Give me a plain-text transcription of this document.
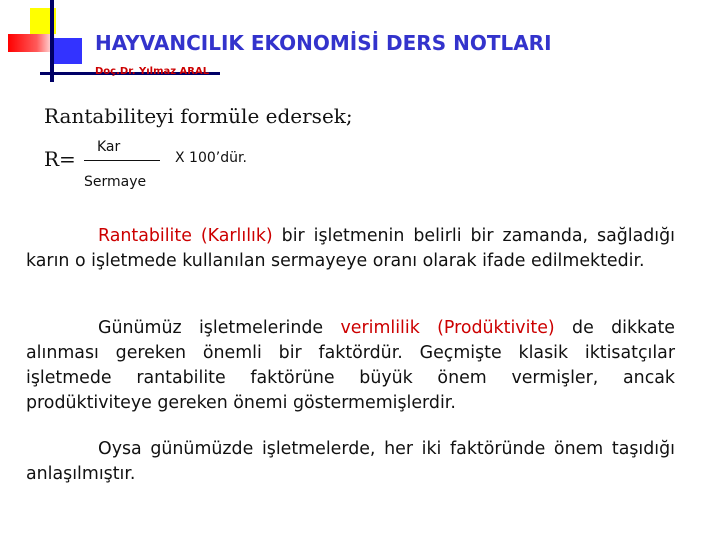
HAYVANCILIK EKONOMİSİ DERS NOTLARI
Doç.Dr. Yılmaz ARAL
Rantabiliteyi formüle edersek;
R= Kar
Sermaye
X 100’dür.
Rantabilite (Karlılık) bir işletmenin belirli bir zamanda, sağladığı karın o işletmede kullanılan sermayeye oranı olarak ifade edilmektedir.
Günümüz işletmelerinde verimlilik (Prodüktivite) de dikkate alınması gereken önemli bir faktördür. Geçmişte klasik iktisatçılar işletmede rantabilite faktörüne büyük önem vermişler, ancak prodüktiviteye gereken önemi göstermemişlerdir.
Oysa günümüzde işletmelerde, her iki faktöründe önem taşıdığı anlaşılmıştır.
